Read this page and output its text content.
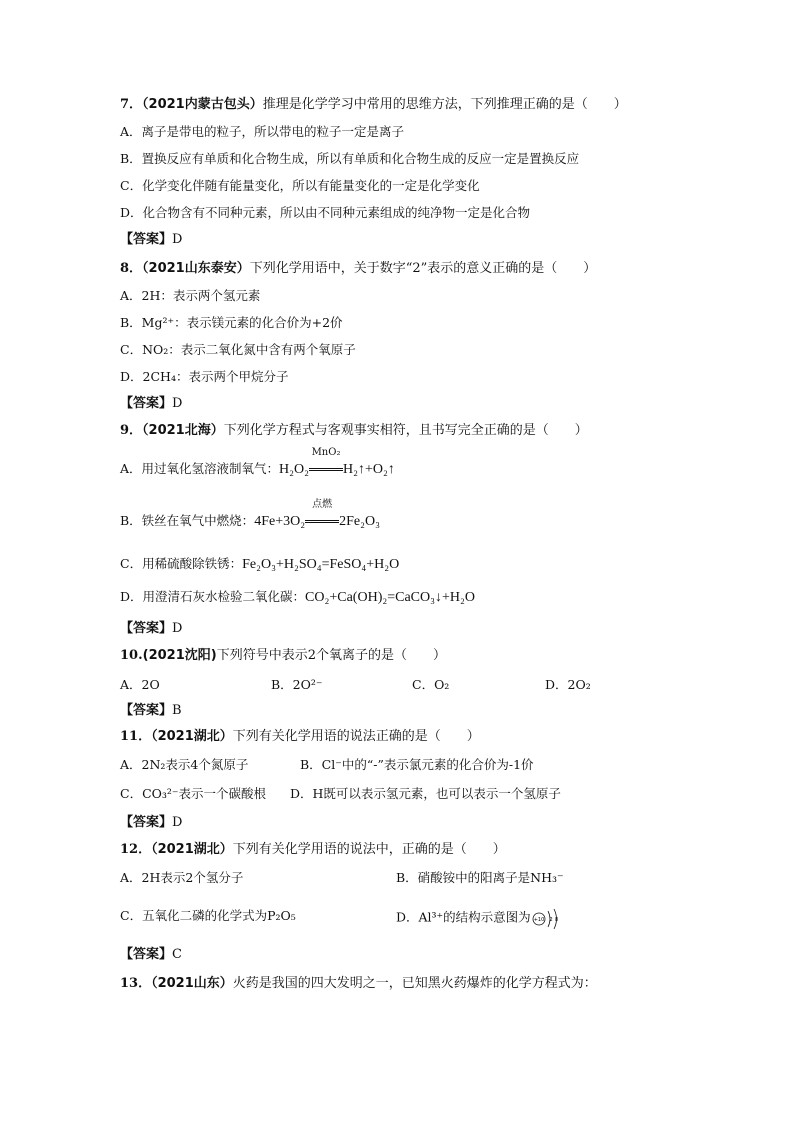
7．（2021内蒙古包头）推理是化学学习中常用的思维方法，下列推理正确的是（　　）
A．离子是带电的粒子，所以带电的粒子一定是离子
B．置换反应有单质和化合物生成，所以有单质和化合物生成的反应一定是置换反应
C．化学变化伴随有能量变化，所以有能量变化的一定是化学变化
D．化合物含有不同种元素，所以由不同种元素组成的纯净物一定是化合物
【答案】D
8．（2021山东泰安）下列化学用语中，关于数字“2”表示的意义正确的是（　　）
A．2H：表示两个氢元素
B．Mg²⁺：表示镁元素的化合价为+2价
C．NO₂：表示二氧化氮中含有两个氧原子
D．2CH₄：表示两个甲烷分子
【答案】D
9．（2021北海）下列化学方程式与客观事实相符，且书写完全正确的是（　　）
A．用过氧化氢溶液制氧气：H₂O₂
MnO₂
H₂↑+O₂↑
B．铁丝在氧气中燃烧：4Fe+3O₂
点燃
2Fe₂O₃
C．用稀硫酸除铁锈：Fe₂O₃+H₂SO₄=FeSO₄+H₂O
D．用澄清石灰水检验二氧化碳：CO₂+Ca(OH)₂=CaCO₃↓+H₂O
【答案】D
10.(2021沈阳)下列符号中表示2个氧离子的是（　　）
A．2O	B．2O²⁻	C．O₂	D．2O₂
【答案】B
11．（2021湖北）下列有关化学用语的说法正确的是（　　）
A．2N₂表示4个氮原子	B．Cl⁻中的“-”表示氯元素的化合价为-1价
C．CO₃²⁻表示一个碳酸根 D．H既可以表示氢元素，也可以表示一个氢原子
【答案】D
12．（2021湖北）下列有关化学用语的说法中，正确的是（　　）
A．2H表示2个氢分子	B．硝酸铵中的阳离子是NH₃⁻
C．五氧化二磷的化学式为P₂O₅	D．Al³⁺的结构示意图为 +10 2 8
【答案】C
13．（2021山东）火药是我国的四大发明之一，已知黑火药爆炸的化学方程式为：
